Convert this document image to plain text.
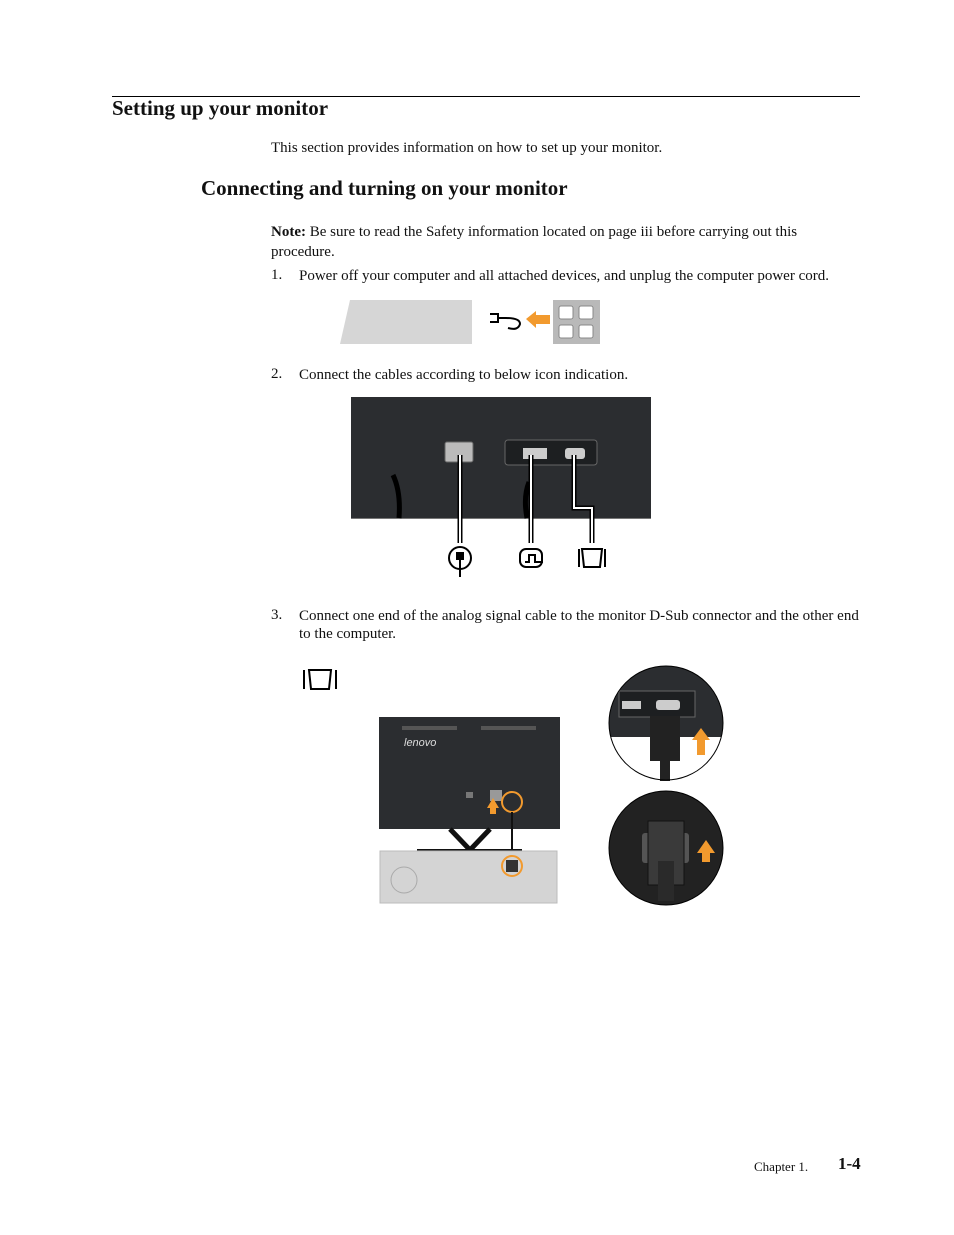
Setting up your monitor
This section provides information on how to set up your monitor.
Connecting and turning on your monitor
Note: Be sure to read the Safety information located on page iii before carrying out this procedure.
1. Power off your computer and all attached devices, and unplug the computer power cord.
2. Connect the cables according to below icon indication.
3. Connect one end of the analog signal cable to the monitor D-Sub connector and the other end to the computer.
lenovo
Chapter 1. 1-4
